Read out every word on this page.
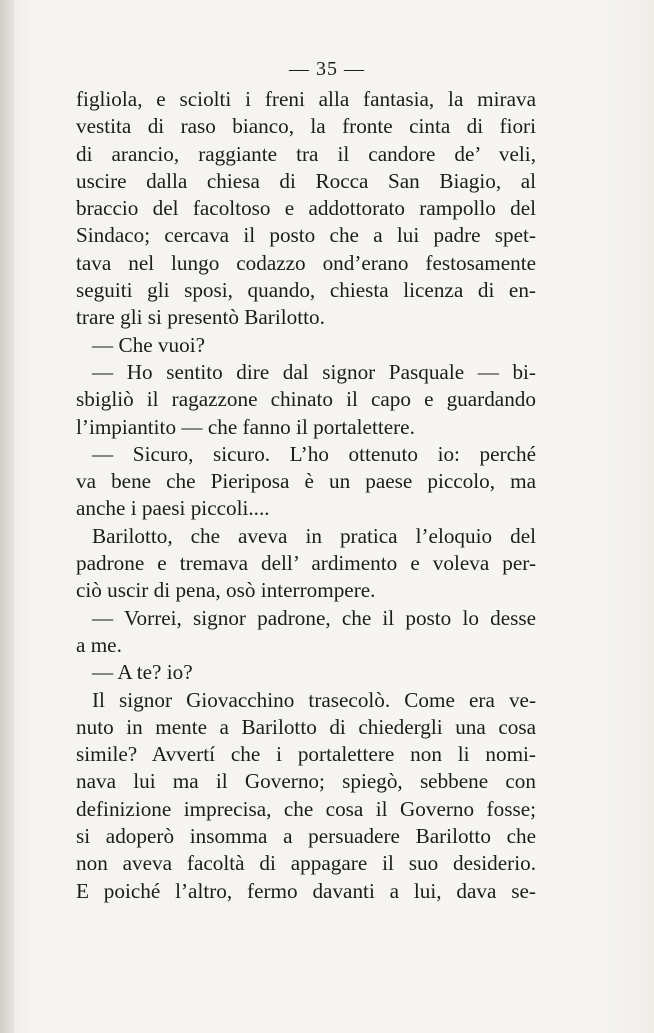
— 35 —
figliola, e sciolti i freni alla fantasia, la mirava
vestita di raso bianco, la fronte cinta di fiori
di arancio, raggiante tra il candore de’ veli,
uscire dalla chiesa di Rocca San Biagio, al
braccio del facoltoso e addottorato rampollo del
Sindaco; cercava il posto che a lui padre spet-
tava nel lungo codazzo ond’erano festosamente
seguiti gli sposi, quando, chiesta licenza di en-
trare gli si presentò Barilotto.
— Che vuoi?
— Ho sentito dire dal signor Pasquale — bi-
sbigliò il ragazzone chinato il capo e guardando
l’impiantito — che fanno il portalettere.
— Sicuro, sicuro. L’ho ottenuto io: perché
va bene che Pieriposa è un paese piccolo, ma
anche i paesi piccoli....
Barilotto, che aveva in pratica l’eloquio del
padrone e tremava dell’ ardimento e voleva per-
ciò uscir di pena, osò interrompere.
— Vorrei, signor padrone, che il posto lo desse
a me.
— A te? io?
Il signor Giovacchino trasecolò. Come era ve-
nuto in mente a Barilotto di chiedergli una cosa
simile? Avvertí che i portalettere non li nomi-
nava lui ma il Governo; spiegò, sebbene con
definizione imprecisa, che cosa il Governo fosse;
si adoperò insomma a persuadere Barilotto che
non aveva facoltà di appagare il suo desiderio.
E poiché l’altro, fermo davanti a lui, dava se-
